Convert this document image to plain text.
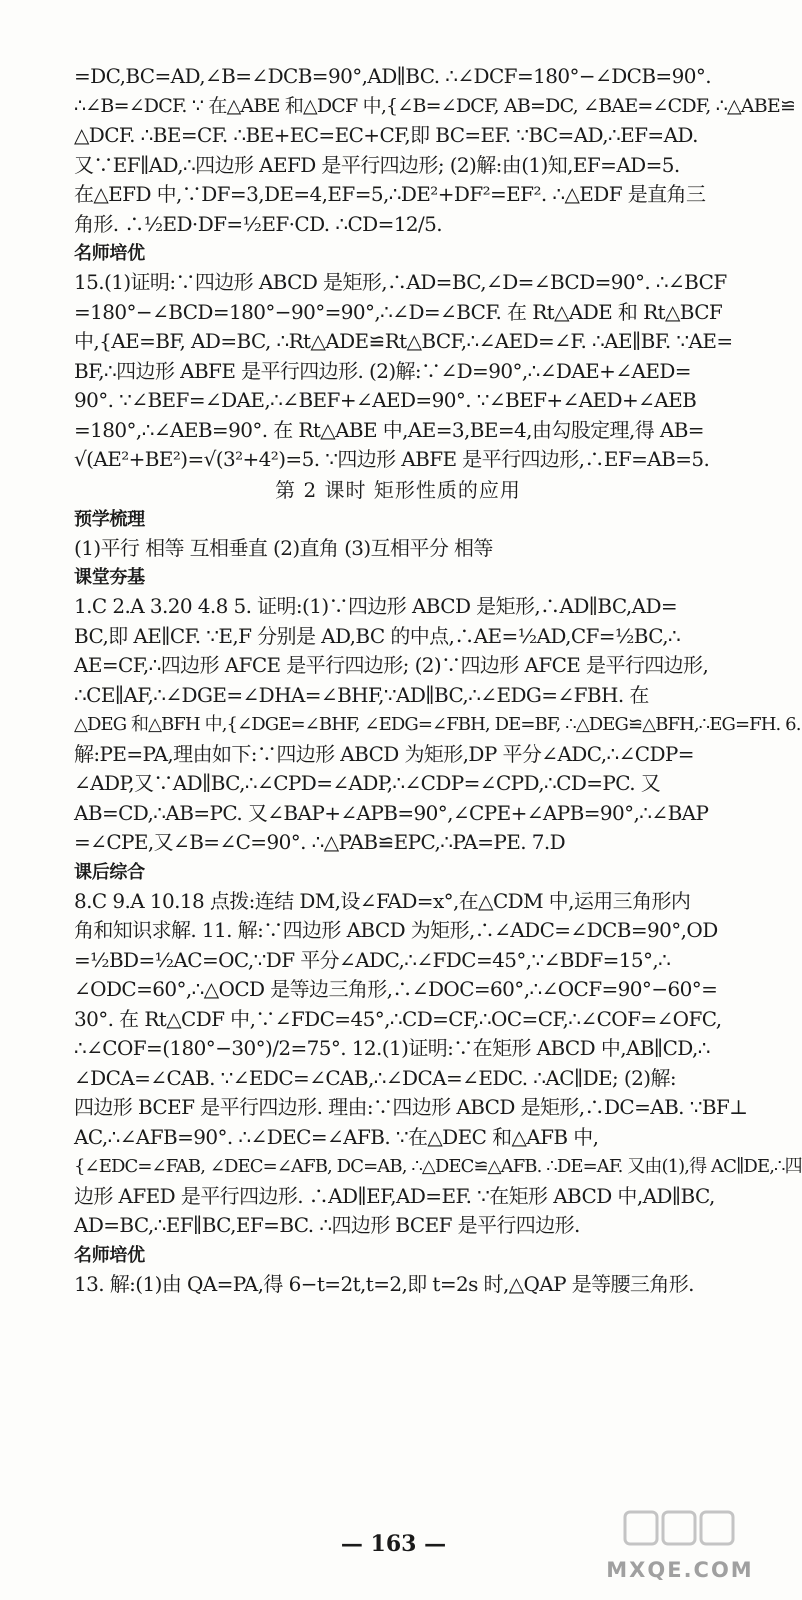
=DC,BC=AD,∠B=∠DCB=90°,AD∥BC. ∴∠DCF=180°−∠DCB=90°.
∴∠B=∠DCF. ∵ 在△ABE 和△DCF 中,{∠B=∠DCF, AB=DC, ∠BAE=∠CDF, ∴△ABE≌
△DCF. ∴BE=CF. ∴BE+EC=EC+CF,即 BC=EF. ∵BC=AD,∴EF=AD.
又∵EF∥AD,∴四边形 AEFD 是平行四边形; (2)解:由(1)知,EF=AD=5.
在△EFD 中,∵DF=3,DE=4,EF=5,∴DE²+DF²=EF². ∴△EDF 是直角三
角形. ∴½ED·DF=½EF·CD. ∴CD=12/5.
名师培优
15.(1)证明:∵四边形 ABCD 是矩形,∴AD=BC,∠D=∠BCD=90°. ∴∠BCF
=180°−∠BCD=180°−90°=90°,∴∠D=∠BCF. 在 Rt△ADE 和 Rt△BCF
中,{AE=BF, AD=BC, ∴Rt△ADE≌Rt△BCF,∴∠AED=∠F. ∴AE∥BF. ∵AE=
BF,∴四边形 ABFE 是平行四边形. (2)解:∵∠D=90°,∴∠DAE+∠AED=
90°. ∵∠BEF=∠DAE,∴∠BEF+∠AED=90°. ∵∠BEF+∠AED+∠AEB
=180°,∴∠AEB=90°. 在 Rt△ABE 中,AE=3,BE=4,由勾股定理,得 AB=
√(AE²+BE²)=√(3²+4²)=5. ∵四边形 ABFE 是平行四边形,∴EF=AB=5.
第 2 课时 矩形性质的应用
预学梳理
(1)平行 相等 互相垂直 (2)直角 (3)互相平分 相等
课堂夯基
1.C 2.A 3.20 4.8 5. 证明:(1)∵四边形 ABCD 是矩形,∴AD∥BC,AD=
BC,即 AE∥CF. ∵E,F 分别是 AD,BC 的中点,∴AE=½AD,CF=½BC,∴
AE=CF,∴四边形 AFCE 是平行四边形; (2)∵四边形 AFCE 是平行四边形,
∴CE∥AF,∴∠DGE=∠DHA=∠BHF,∵AD∥BC,∴∠EDG=∠FBH. 在
△DEG 和△BFH 中,{∠DGE=∠BHF, ∠EDG=∠FBH, DE=BF, ∴△DEG≌△BFH,∴EG=FH. 6.
解:PE=PA,理由如下:∵四边形 ABCD 为矩形,DP 平分∠ADC,∴∠CDP=
∠ADP,又∵AD∥BC,∴∠CPD=∠ADP,∴∠CDP=∠CPD,∴CD=PC. 又
AB=CD,∴AB=PC. 又∠BAP+∠APB=90°,∠CPE+∠APB=90°,∴∠BAP
=∠CPE,又∠B=∠C=90°. ∴△PAB≌EPC,∴PA=PE. 7.D
课后综合
8.C 9.A 10.18 点拨:连结 DM,设∠FAD=x°,在△CDM 中,运用三角形内
角和知识求解. 11. 解:∵四边形 ABCD 为矩形,∴∠ADC=∠DCB=90°,OD
=½BD=½AC=OC,∵DF 平分∠ADC,∴∠FDC=45°,∵∠BDF=15°,∴
∠ODC=60°,∴△OCD 是等边三角形,∴∠DOC=60°,∴∠OCF=90°−60°=
30°. 在 Rt△CDF 中,∵∠FDC=45°,∴CD=CF,∴OC=CF,∴∠COF=∠OFC,
∴∠COF=(180°−30°)/2=75°. 12.(1)证明:∵在矩形 ABCD 中,AB∥CD,∴
∠DCA=∠CAB. ∵∠EDC=∠CAB,∴∠DCA=∠EDC. ∴AC∥DE; (2)解:
四边形 BCEF 是平行四边形. 理由:∵四边形 ABCD 是矩形,∴DC=AB. ∵BF⊥
AC,∴∠AFB=90°. ∴∠DEC=∠AFB. ∵在△DEC 和△AFB 中,
{∠EDC=∠FAB, ∠DEC=∠AFB, DC=AB, ∴△DEC≌△AFB. ∴DE=AF. 又由(1),得 AC∥DE,∴四
边形 AFED 是平行四边形. ∴AD∥EF,AD=EF. ∵在矩形 ABCD 中,AD∥BC,
AD=BC,∴EF∥BC,EF=BC. ∴四边形 BCEF 是平行四边形.
名师培优
13. 解:(1)由 QA=PA,得 6−t=2t,t=2,即 t=2s 时,△QAP 是等腰三角形.
— 163 —
MXQE.COM
